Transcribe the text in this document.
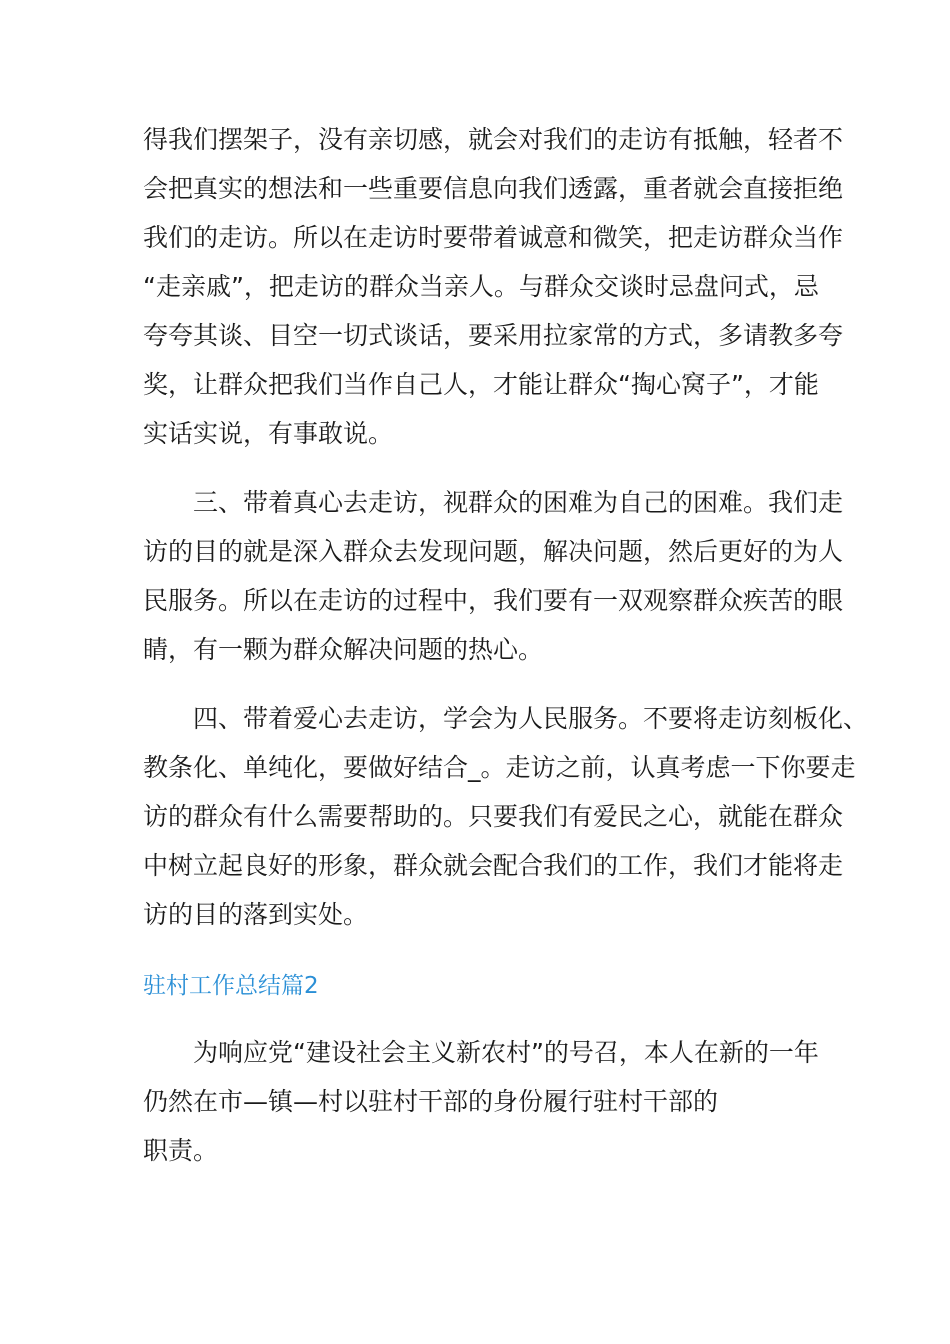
得我们摆架子，没有亲切感，就会对我们的走访有抵触，轻者不
会把真实的想法和一些重要信息向我们透露，重者就会直接拒绝
我们的走访。所以在走访时要带着诚意和微笑，把走访群众当作
“走亲戚”，把走访的群众当亲人。与群众交谈时忌盘问式，忌
夸夸其谈、目空一切式谈话，要采用拉家常的方式，多请教多夸
奖，让群众把我们当作自己人，才能让群众“掏心窝子”，才能
实话实说，有事敢说。
三、带着真心去走访，视群众的困难为自己的困难。我们走
访的目的就是深入群众去发现问题，解决问题，然后更好的为人
民服务。所以在走访的过程中，我们要有一双观察群众疾苦的眼
睛，有一颗为群众解决问题的热心。
四、带着爱心去走访，学会为人民服务。不要将走访刻板化、
教条化、单纯化，要做好结合_。走访之前，认真考虑一下你要走
访的群众有什么需要帮助的。只要我们有爱民之心，就能在群众
中树立起良好的形象，群众就会配合我们的工作，我们才能将走
访的目的落到实处。
驻村工作总结篇2
为响应党“建设社会主义新农村”的号召，本人在新的一年
仍然在市—镇—村以驻村干部的身份履行驻村干部的
职责。
